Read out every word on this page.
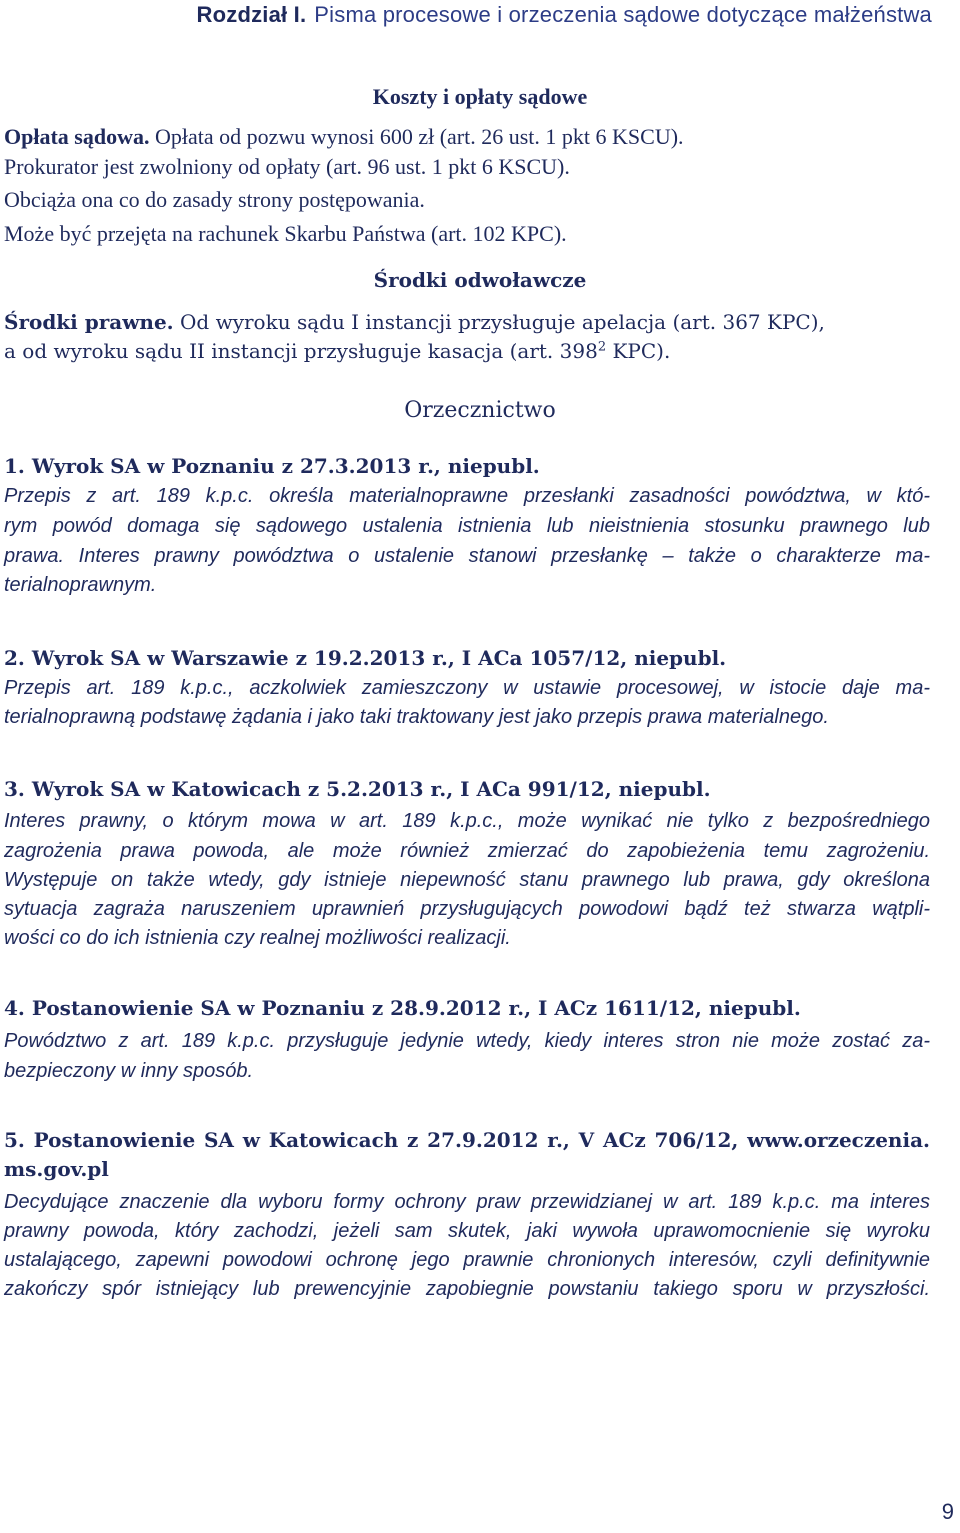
Rozdział I. Pisma procesowe i orzeczenia sądowe dotyczące małżeństwa
Koszty i opłaty sądowe
Opłata sądowa. Opłata od pozwu wynosi 600 zł (art. 26 ust. 1 pkt 6 KSCU).
Prokurator jest zwolniony od opłaty (art. 96 ust. 1 pkt 6 KSCU).
Obciąża ona co do zasady strony postępowania.
Może być przejęta na rachunek Skarbu Państwa (art. 102 KPC).
Środki odwoławcze
Środki prawne. Od wyroku sądu I instancji przysługuje apelacja (art. 367 KPC),
a od wyroku sądu II instancji przysługuje kasacja (art. $398^2$ KPC).
Orzecznictwo
1. Wyrok SA w Poznaniu z 27.3.2013 r., niepubl.
Przepis z art. 189 k.p.c. określa materialnoprawne przesłanki zasadności powództwa, w któ-
rym powód domaga się sądowego ustalenia istnienia lub nieistnienia stosunku prawnego lub
prawa. Interes prawny powództwa o ustalenie stanowi przesłankę – także o charakterze ma-
terialnoprawnym.
2. Wyrok SA w Warszawie z 19.2.2013 r., I ACa 1057/12, niepubl.
Przepis art. 189 k.p.c., aczkolwiek zamieszczony w ustawie procesowej, w istocie daje ma-
terialnoprawną podstawę żądania i jako taki traktowany jest jako przepis prawa materialnego.
3. Wyrok SA w Katowicach z 5.2.2013 r., I ACa 991/12, niepubl.
Interes prawny, o którym mowa w art. 189 k.p.c., może wynikać nie tylko z bezpośredniego
zagrożenia prawa powoda, ale może również zmierzać do zapobieżenia temu zagrożeniu.
Występuje on także wtedy, gdy istnieje niepewność stanu prawnego lub prawa, gdy określona
sytuacja zagraża naruszeniem uprawnień przysługujących powodowi bądź też stwarza wątpli-
wości co do ich istnienia czy realnej możliwości realizacji.
4. Postanowienie SA w Poznaniu z 28.9.2012 r., I ACz 1611/12, niepubl.
Powództwo z art. 189 k.p.c. przysługuje jedynie wtedy, kiedy interes stron nie może zostać za-
bezpieczony w inny sposób.
5. Postanowienie SA w Katowicach z 27.9.2012 r., V ACz 706/12, www.orzeczenia.
ms.gov.pl
Decydujące znaczenie dla wyboru formy ochrony praw przewidzianej w art. 189 k.p.c. ma interes
prawny powoda, który zachodzi, jeżeli sam skutek, jaki wywoła uprawomocnienie się wyroku
ustalającego, zapewni powodowi ochronę jego prawnie chronionych interesów, czyli definitywnie
zakończy spór istniejący lub prewencyjnie zapobiegnie powstaniu takiego sporu w przyszłości.
9
